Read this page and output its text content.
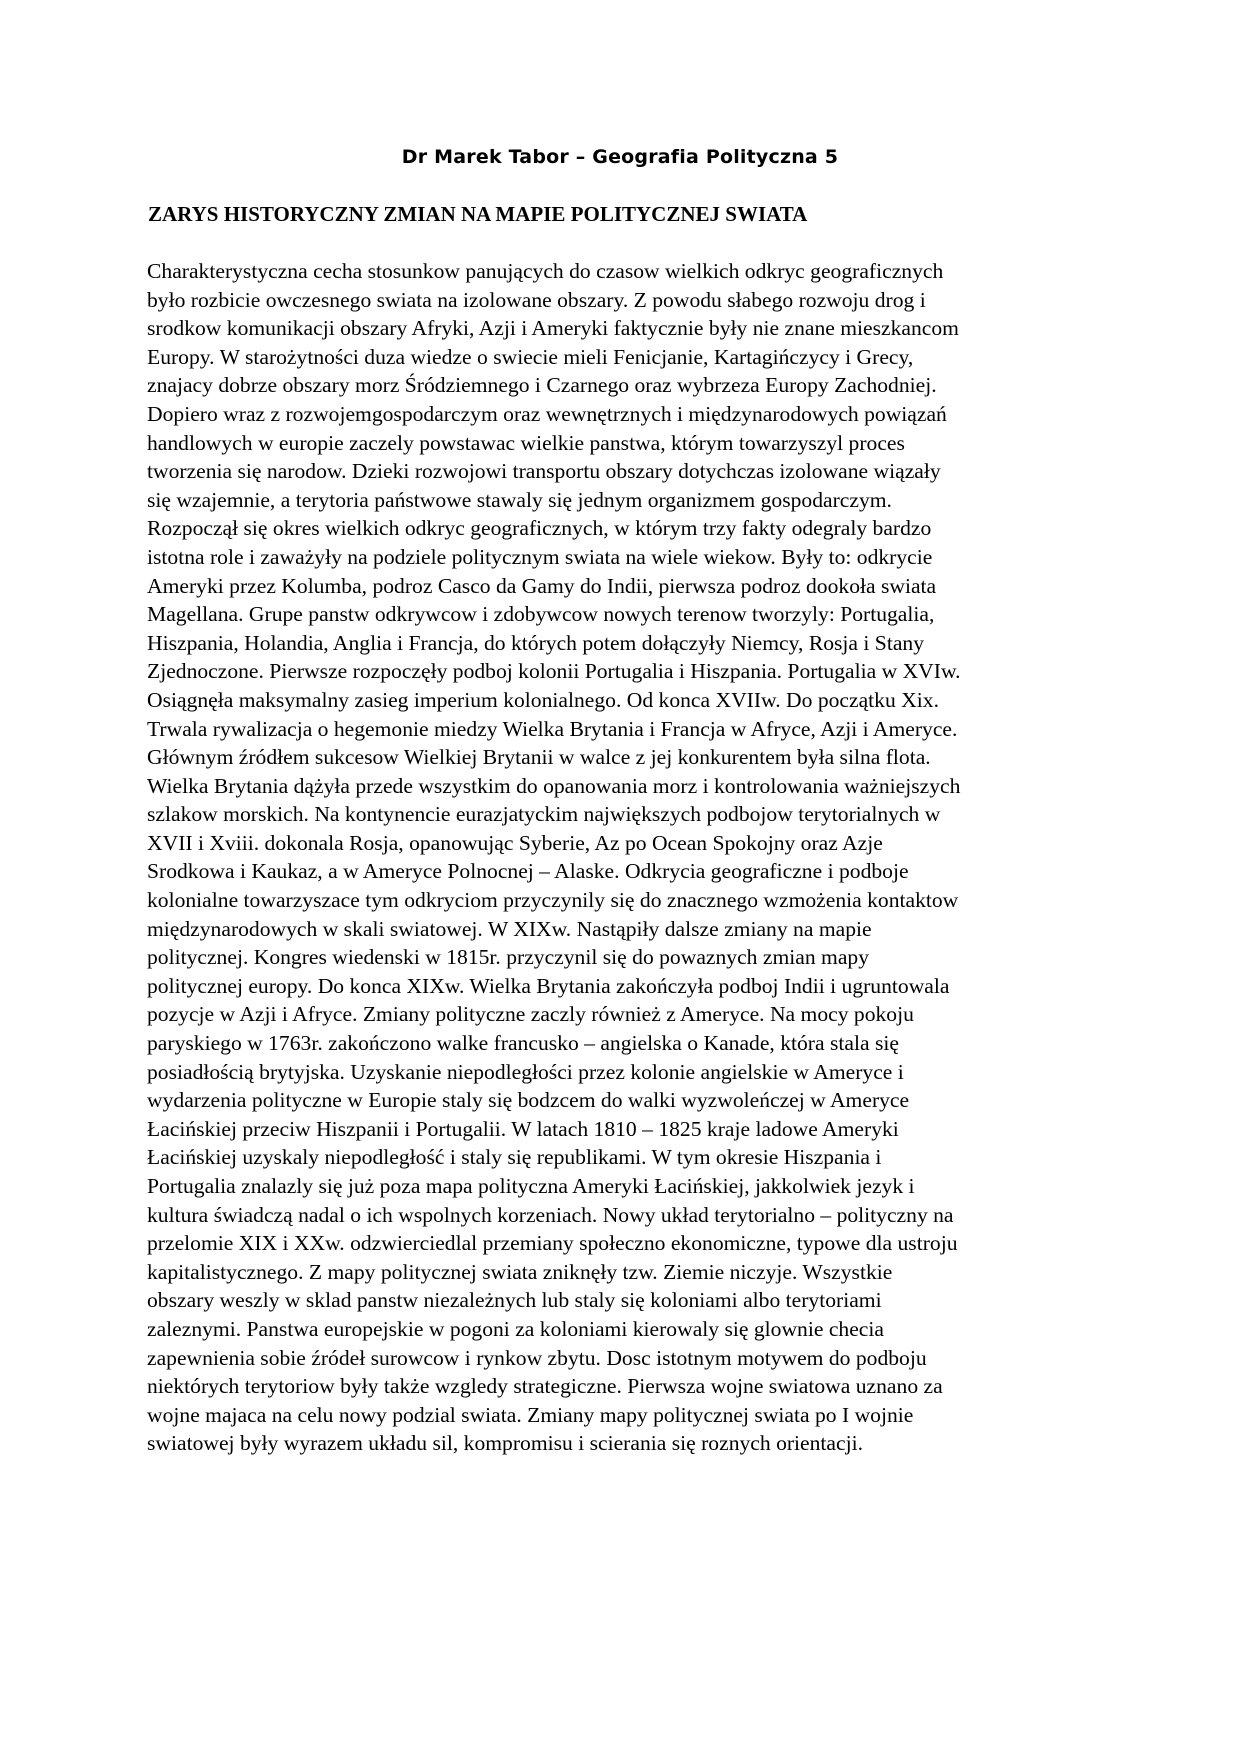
Dr Marek Tabor – Geografia Polityczna 5
ZARYS HISTORYCZNY ZMIAN NA MAPIE POLITYCZNEJ SWIATA
Charakterystyczna cecha stosunkow panujących do czasow wielkich odkryc geograficznych
było rozbicie owczesnego swiata na izolowane obszary. Z powodu słabego rozwoju drog i
srodkow komunikacji obszary Afryki, Azji i Ameryki faktycznie były nie znane mieszkancom
Europy. W starożytności duza wiedze o swiecie mieli Fenicjanie, Kartagińczycy i Grecy,
znajacy dobrze obszary morz Śródziemnego i Czarnego oraz wybrzeza Europy Zachodniej.
Dopiero wraz z rozwojemgospodarczym oraz wewnętrznych i międzynarodowych powiązań
handlowych w europie zaczely powstawac wielkie panstwa, którym towarzyszyl proces
tworzenia się narodow. Dzieki rozwojowi transportu obszary dotychczas izolowane wiązały
się wzajemnie, a terytoria państwowe stawaly się jednym organizmem gospodarczym.
Rozpoczął się okres wielkich odkryc geograficznych, w którym trzy fakty odegraly bardzo
istotna role i zaważyły na podziele politycznym swiata na wiele wiekow. Były to: odkrycie
Ameryki przez Kolumba, podroz Casco da Gamy do Indii, pierwsza podroz dookoła swiata
Magellana. Grupe panstw odkrywcow i zdobywcow nowych terenow tworzyly: Portugalia,
Hiszpania, Holandia, Anglia i Francja, do których potem dołączyły Niemcy, Rosja i Stany
Zjednoczone. Pierwsze rozpoczęły podboj kolonii Portugalia i Hiszpania. Portugalia w XVIw.
Osiągnęła maksymalny zasieg imperium kolonialnego. Od konca XVIIw. Do początku Xix.
Trwala rywalizacja o hegemonie miedzy Wielka Brytania i Francja w Afryce, Azji i Ameryce.
Głównym źródłem sukcesow Wielkiej Brytanii w walce z jej konkurentem była silna flota.
Wielka Brytania dążyła przede wszystkim do opanowania morz i kontrolowania ważniejszych
szlakow morskich. Na kontynencie eurazjatyckim największych podbojow terytorialnych w
XVII i Xviii. dokonala Rosja, opanowując Syberie, Az po Ocean Spokojny oraz Azje
Srodkowa i Kaukaz, a w Ameryce Polnocnej – Alaske. Odkrycia geograficzne i podboje
kolonialne towarzyszace tym odkryciom przyczynily się do znacznego wzmożenia kontaktow
międzynarodowych w skali swiatowej. W XIXw. Nastąpiły dalsze zmiany na mapie
politycznej. Kongres wiedenski w 1815r. przyczynil się do powaznych zmian mapy
politycznej europy. Do konca XIXw. Wielka Brytania zakończyła podboj Indii i ugruntowala
pozycje w Azji i Afryce. Zmiany polityczne zaczly również z Ameryce. Na mocy pokoju
paryskiego w 1763r. zakończono walke francusko – angielska o Kanade, która stala się
posiadłością brytyjska. Uzyskanie niepodległości przez kolonie angielskie w Ameryce i
wydarzenia polityczne w Europie staly się bodzcem do walki wyzwoleńczej w Ameryce
Łacińskiej przeciw Hiszpanii i Portugalii. W latach 1810 – 1825 kraje ladowe Ameryki
Łacińskiej uzyskaly niepodległość i staly się republikami. W tym okresie Hiszpania i
Portugalia znalazly się już poza mapa polityczna Ameryki Łacińskiej, jakkolwiek jezyk i
kultura świadczą nadal o ich wspolnych korzeniach. Nowy układ terytorialno – polityczny na
przelomie XIX i XXw. odzwierciedlal przemiany społeczno ekonomiczne, typowe dla ustroju
kapitalistycznego. Z mapy politycznej swiata zniknęły tzw. Ziemie niczyje. Wszystkie
obszary weszly w sklad panstw niezależnych lub staly się koloniami albo terytoriami
zaleznymi. Panstwa europejskie w pogoni za koloniami kierowaly się glownie checia
zapewnienia sobie źródeł surowcow i rynkow zbytu. Dosc istotnym motywem do podboju
niektórych terytoriow były także wzgledy strategiczne. Pierwsza wojne swiatowa uznano za
wojne majaca na celu nowy podzial swiata. Zmiany mapy politycznej swiata po I wojnie
swiatowej były wyrazem układu sil, kompromisu i scierania się roznych orientacji.
